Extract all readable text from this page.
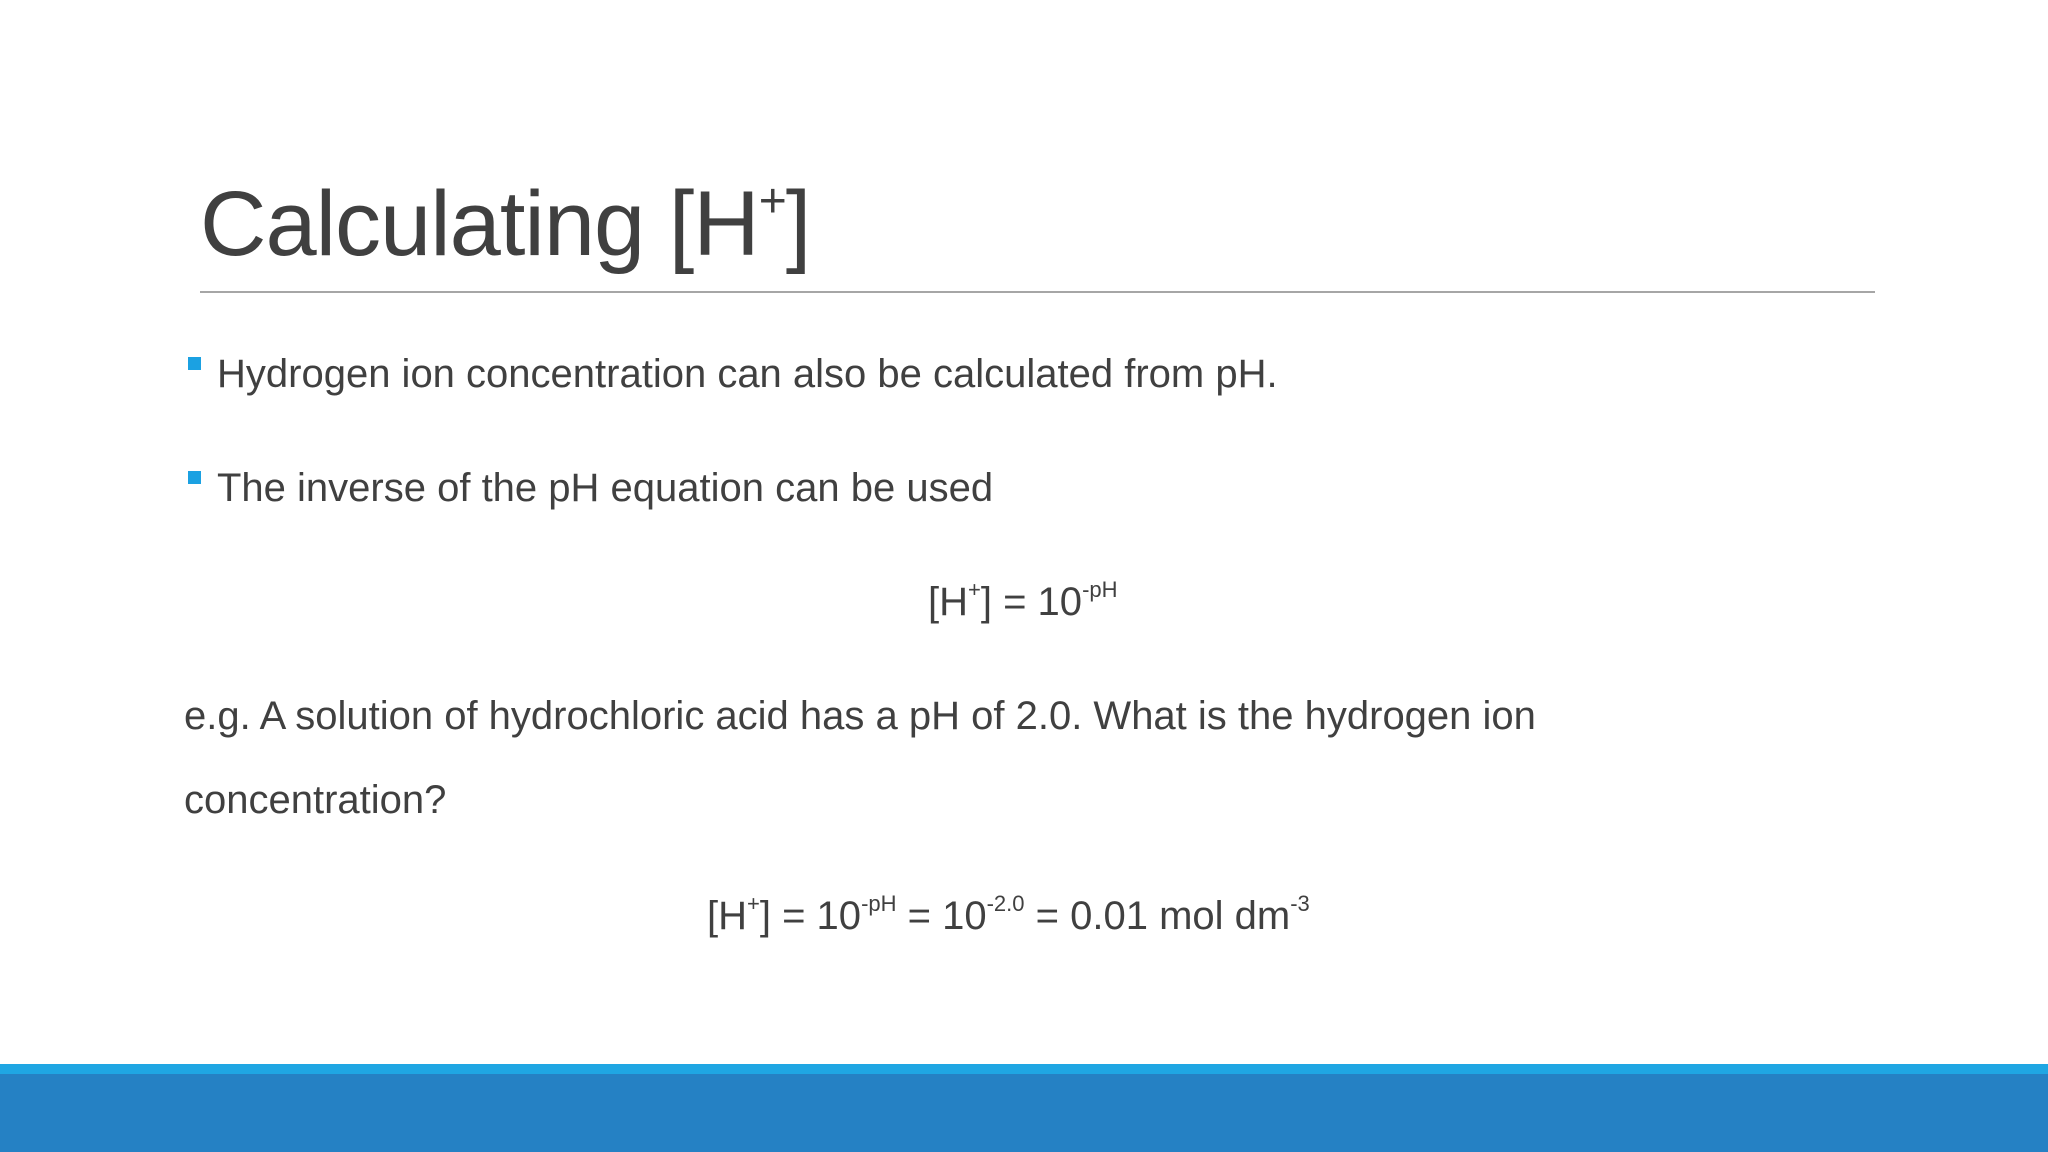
Calculating [H+]
Hydrogen ion concentration can also be calculated from pH.
The inverse of the pH equation can be used
$[H^+] = 10^{-pH}$
e.g. A solution of hydrochloric acid has a pH of 2.0. What is the hydrogen ion
concentration?
$[H^+] = 10^{-pH} = 10^{-2.0} = 0.01$ mol $dm^{-3}$
